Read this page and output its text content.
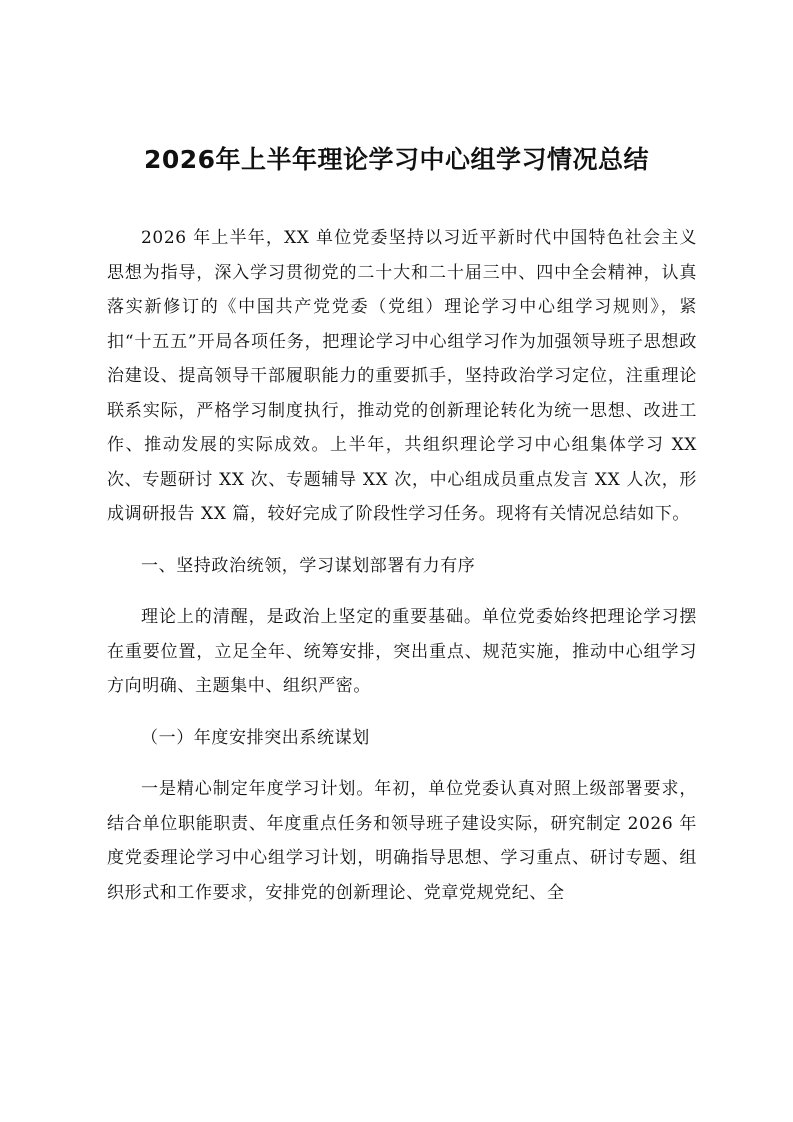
2026年上半年理论学习中心组学习情况总结

2026 年上半年，XX 单位党委坚持以习近平新时代中国特色社会主义思想为指导，深入学习贯彻党的二十大和二十届三中、四中全会精神，认真落实新修订的《中国共产党党委（党组）理论学习中心组学习规则》，紧扣“十五五”开局各项任务，把理论学习中心组学习作为加强领导班子思想政治建设、提高领导干部履职能力的重要抓手，坚持政治学习定位，注重理论联系实际，严格学习制度执行，推动党的创新理论转化为统一思想、改进工作、推动发展的实际成效。上半年，共组织理论学习中心组集体学习 XX 次、专题研讨 XX 次、专题辅导 XX 次，中心组成员重点发言 XX 人次，形成调研报告 XX 篇，较好完成了阶段性学习任务。现将有关情况总结如下。

一、坚持政治统领，学习谋划部署有力有序

理论上的清醒，是政治上坚定的重要基础。单位党委始终把理论学习摆在重要位置，立足全年、统筹安排，突出重点、规范实施，推动中心组学习方向明确、主题集中、组织严密。

（一）年度安排突出系统谋划

一是精心制定年度学习计划。年初，单位党委认真对照上级部署要求，结合单位职能职责、年度重点任务和领导班子建设实际，研究制定 2026 年度党委理论学习中心组学习计划，明确指导思想、学习重点、研讨专题、组织形式和工作要求，安排党的创新理论、党章党规党纪、全
